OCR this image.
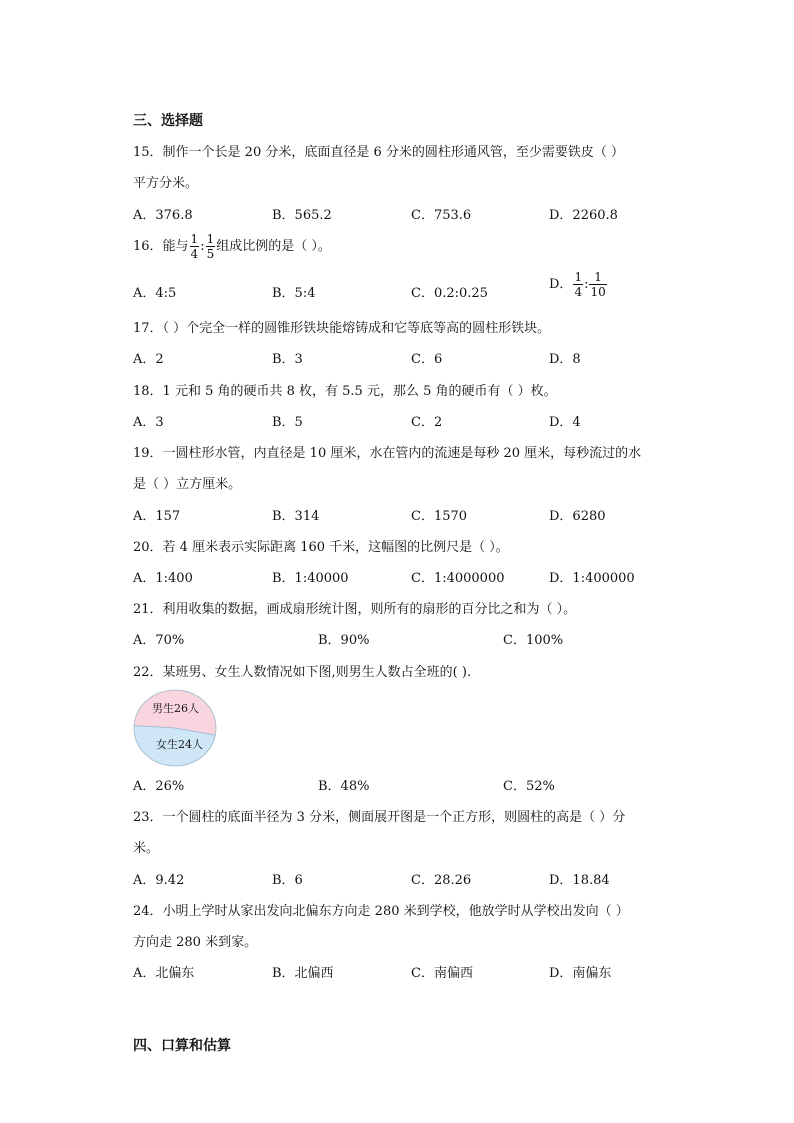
三、选择题
15．制作一个长是 20 分米，底面直径是 6 分米的圆柱形通风管，至少需要铁皮（ ）
平方分米。
A．376.8	B．565.2	C．753.6	D．2260.8
16．能与 $\frac{1}{4}$ : $\frac{1}{5}$ 组成比例的是（ ）。
A．4:5	B．5:4	C．0.2:0.25
D． $\frac{1}{4}$ : $\frac{1}{10}$
17．（ ）个完全一样的圆锥形铁块能熔铸成和它等底等高的圆柱形铁块。
A．2	B．3	C．6	D．8
18．1 元和 5 角的硬币共 8 枚，有 5.5 元，那么 5 角的硬币有（ ）枚。
A．3	B．5	C．2	D．4
19．一圆柱形水管，内直径是 10 厘米，水在管内的流速是每秒 20 厘米，每秒流过的水
是（ ）立方厘米。
A．157	B．314	C．1570	D．6280
20．若 4 厘米表示实际距离 160 千米，这幅图的比例尺是（ ）。
A．1:400	B．1:40000	C．1:4000000	D．1:400000
21．利用收集的数据，画成扇形统计图，则所有的扇形的百分比之和为（ ）。
A．70%	B．90%	C．100%
22．某班男、女生人数情况如下图,则男生人数占全班的( ).
男生26人
女生24人
A．26%	B．48%	C．52%
23．一个圆柱的底面半径为 3 分米，侧面展开图是一个正方形，则圆柱的高是（ ）分
米。
A．9.42	B．6	C．28.26	D．18.84
24．小明上学时从家出发向北偏东方向走 280 米到学校，他放学时从学校出发向（ ）
方向走 280 米到家。
A．北偏东	B．北偏西	C．南偏西	D．南偏东
四、口算和估算
